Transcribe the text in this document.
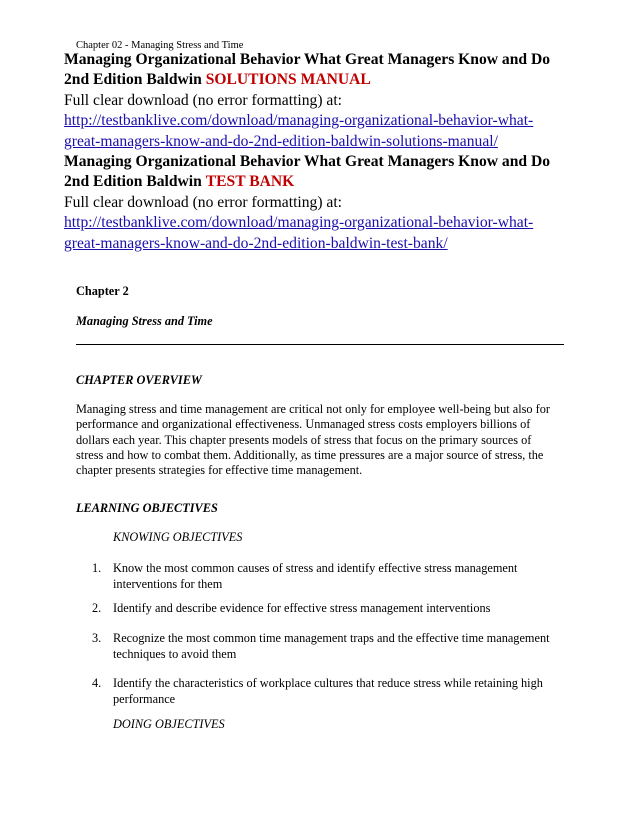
Chapter 02 - Managing Stress and Time
Managing Organizational Behavior What Great Managers Know and Do
2nd Edition Baldwin SOLUTIONS MANUAL
Full clear download (no error formatting) at:
http://testbanklive.com/download/managing-organizational-behavior-what-
great-managers-know-and-do-2nd-edition-baldwin-solutions-manual/
Managing Organizational Behavior What Great Managers Know and Do
2nd Edition Baldwin TEST BANK
Full clear download (no error formatting) at:
http://testbanklive.com/download/managing-organizational-behavior-what-
great-managers-know-and-do-2nd-edition-baldwin-test-bank/
Chapter 2
Managing Stress and Time
CHAPTER OVERVIEW
Managing stress and time management are critical not only for employee well-being but also for
performance and organizational effectiveness. Unmanaged stress costs employers billions of
dollars each year. This chapter presents models of stress that focus on the primary sources of
stress and how to combat them. Additionally, as time pressures are a major source of stress, the
chapter presents strategies for effective time management.
LEARNING OBJECTIVES
KNOWING OBJECTIVES
1. Know the most common causes of stress and identify effective stress management
interventions for them
2. Identify and describe evidence for effective stress management interventions
3. Recognize the most common time management traps and the effective time management
techniques to avoid them
4. Identify the characteristics of workplace cultures that reduce stress while retaining high
performance
DOING OBJECTIVES
